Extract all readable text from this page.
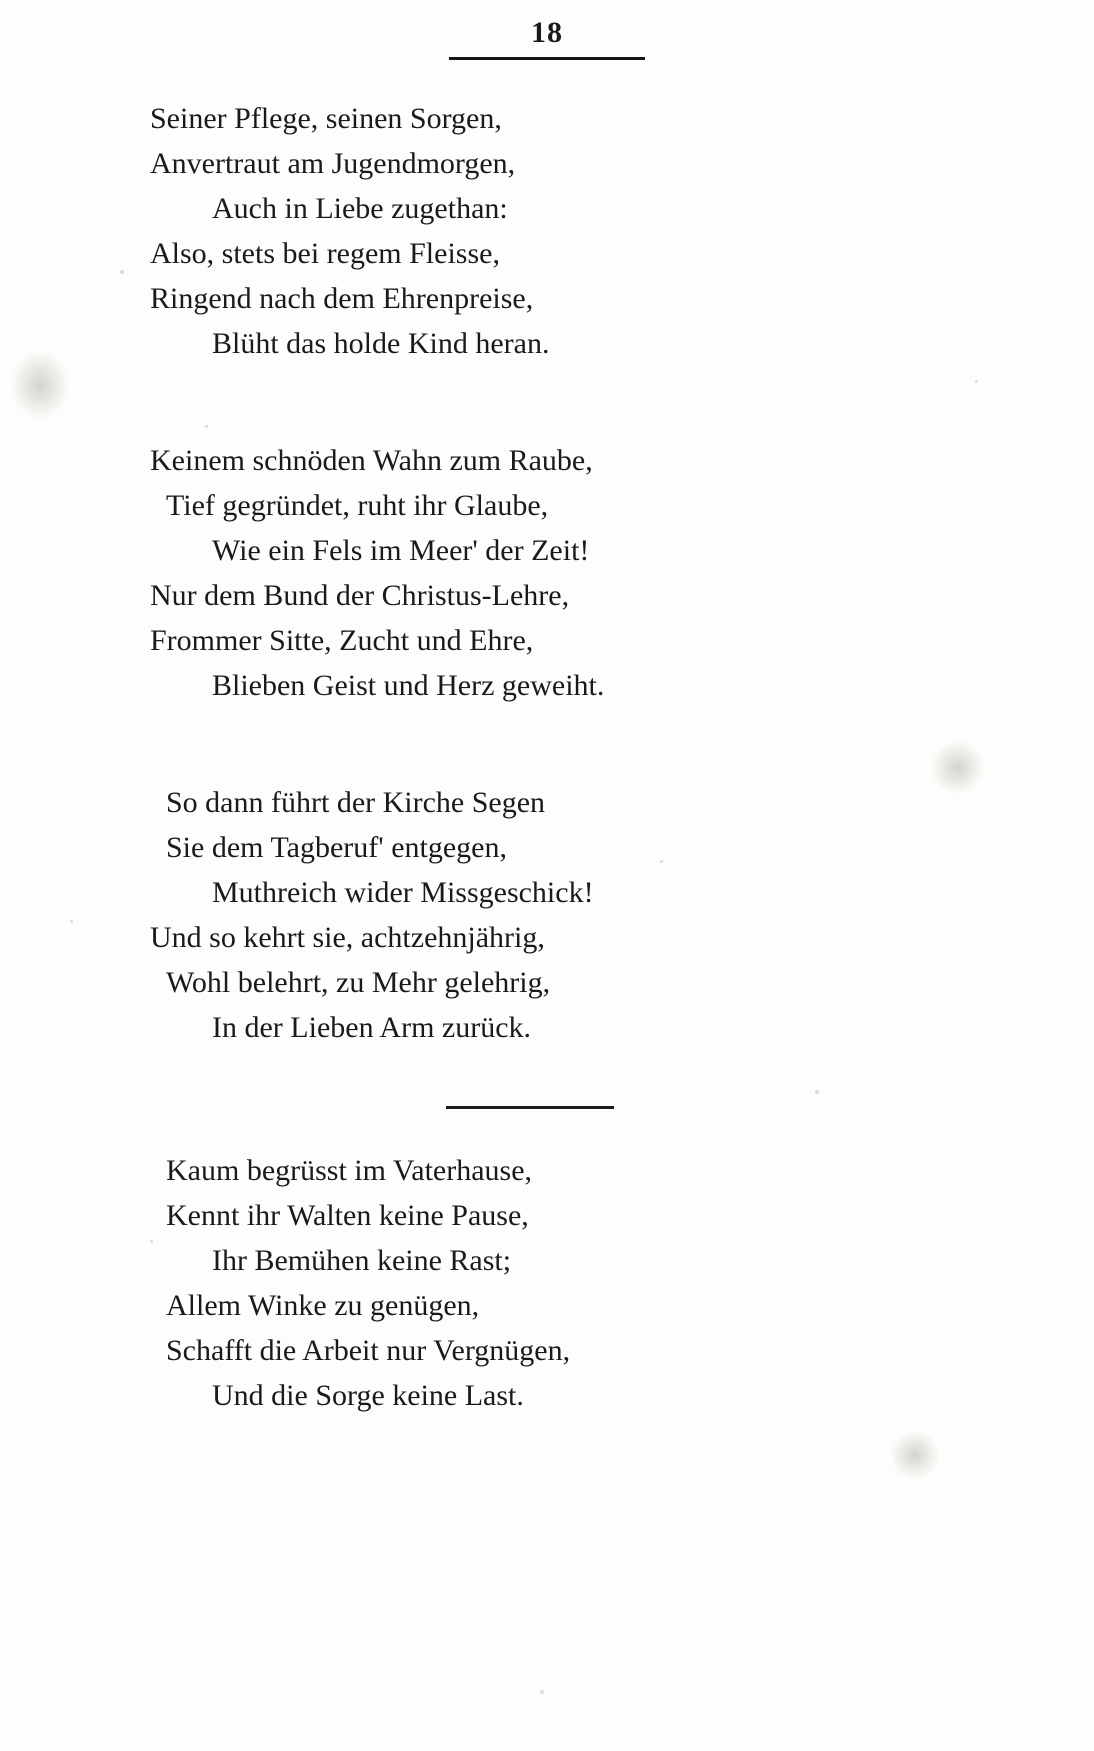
18
Seiner Pflege, seinen Sorgen,
Anvertraut am Jugendmorgen,
Auch in Liebe zugethan:
Also, stets bei regem Fleisse,
Ringend nach dem Ehrenpreise,
Blüht das holde Kind heran.
Keinem schnöden Wahn zum Raube,
Tief gegründet, ruht ihr Glaube,
Wie ein Fels im Meer' der Zeit!
Nur dem Bund der Christus-Lehre,
Frommer Sitte, Zucht und Ehre,
Blieben Geist und Herz geweiht.
So dann führt der Kirche Segen
Sie dem Tagberuf' entgegen,
Muthreich wider Missgeschick!
Und so kehrt sie, achtzehnjährig,
Wohl belehrt, zu Mehr gelehrig,
In der Lieben Arm zurück.
Kaum begrüsst im Vaterhause,
Kennt ihr Walten keine Pause,
Ihr Bemühen keine Rast;
Allem Winke zu genügen,
Schafft die Arbeit nur Vergnügen,
Und die Sorge keine Last.
